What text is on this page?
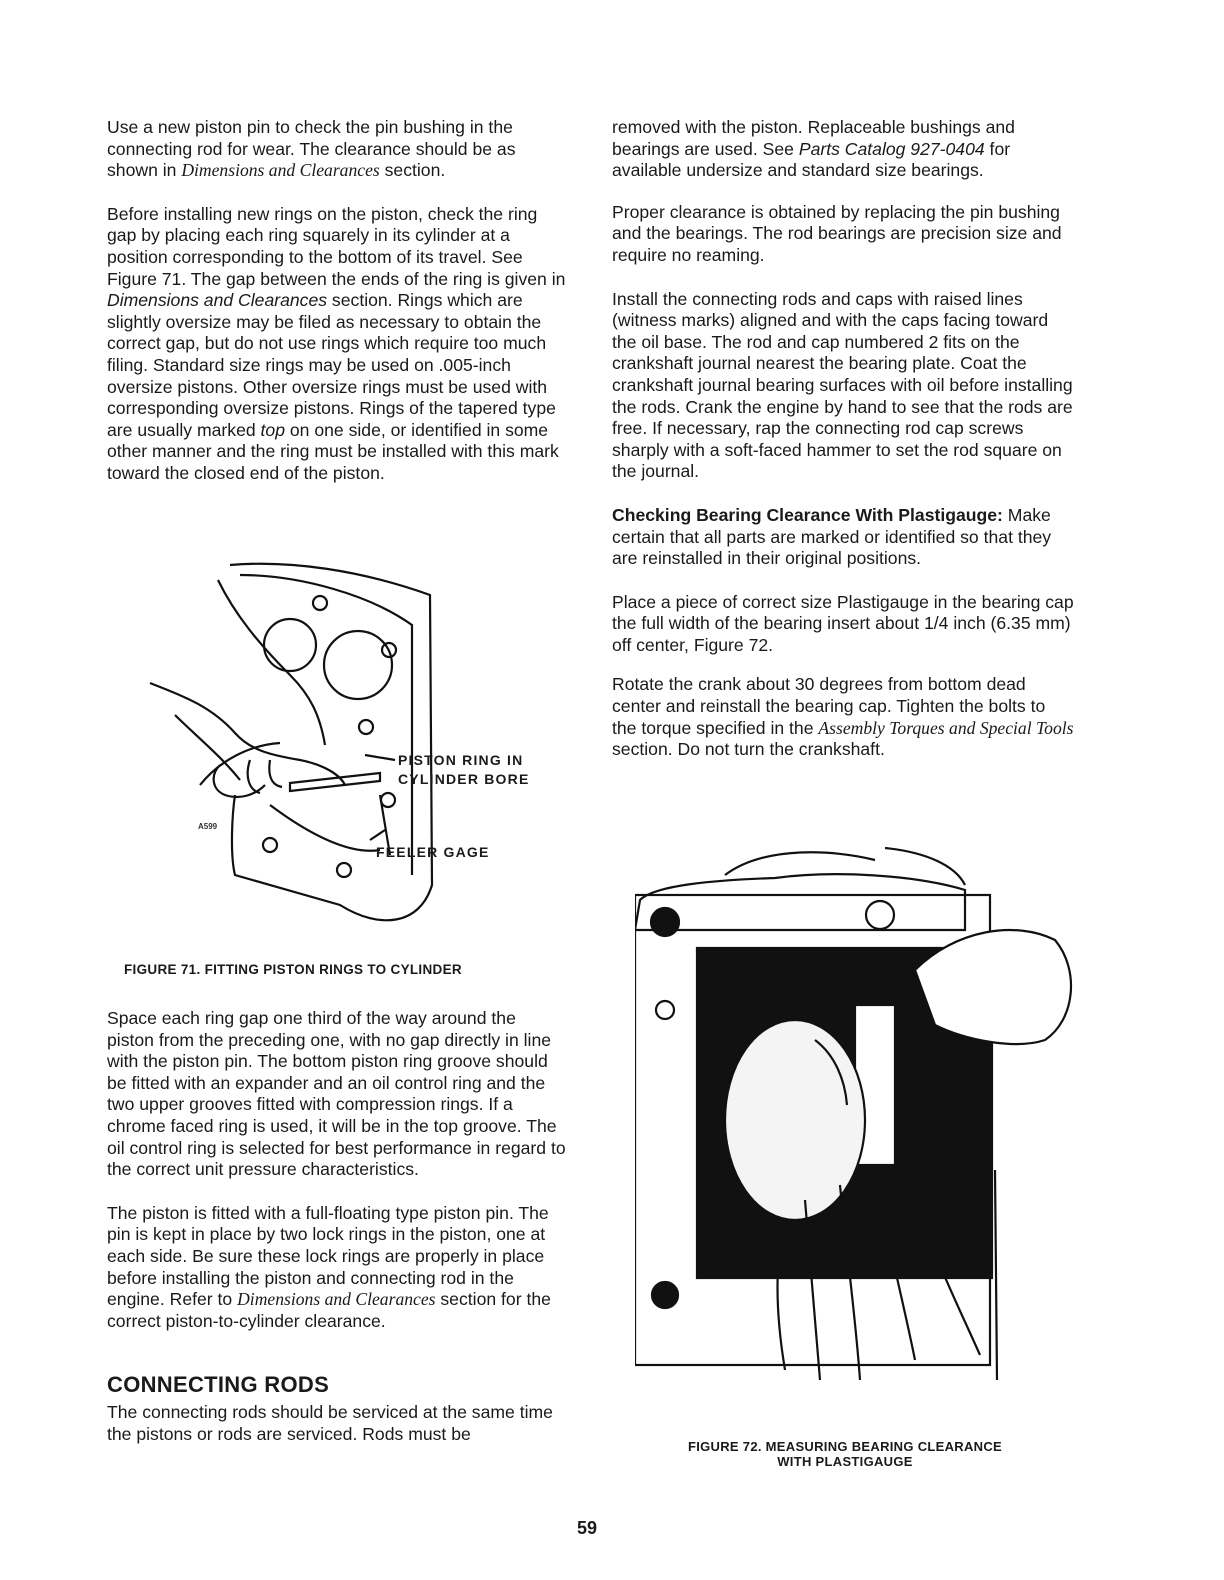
Use a new piston pin to check the pin bushing in the connecting rod for wear. The clearance should be as shown in Dimensions and Clearances section.

Before installing new rings on the piston, check the ring gap by placing each ring squarely in its cylinder at a position corresponding to the bottom of its travel. See Figure 71. The gap between the ends of the ring is given in Dimensions and Clearances section. Rings which are slightly oversize may be filed as necessary to obtain the correct gap, but do not use rings which require too much filing. Standard size rings may be used on .005-inch oversize pistons. Other oversize rings must be used with corresponding oversize pistons. Rings of the tapered type are usually marked top on one side, or identified in some other manner and the ring must be installed with this mark toward the closed end of the piston.

PISTON RING IN
CYLINDER BORE
FEELER GAGE
A599
FIGURE 71. FITTING PISTON RINGS TO CYLINDER

Space each ring gap one third of the way around the piston from the preceding one, with no gap directly in line with the piston pin. The bottom piston ring groove should be fitted with an expander and an oil control ring and the two upper grooves fitted with compression rings. If a chrome faced ring is used, it will be in the top groove. The oil control ring is selected for best performance in regard to the correct unit pressure characteristics.

The piston is fitted with a full-floating type piston pin. The pin is kept in place by two lock rings in the piston, one at each side. Be sure these lock rings are properly in place before installing the piston and connecting rod in the engine. Refer to Dimensions and Clearances section for the correct piston-to-cylinder clearance.

CONNECTING RODS

The connecting rods should be serviced at the same time the pistons or rods are serviced. Rods must be

removed with the piston. Replaceable bushings and bearings are used. See Parts Catalog 927-0404 for available undersize and standard size bearings.

Proper clearance is obtained by replacing the pin bushing and the bearings. The rod bearings are precision size and require no reaming.

Install the connecting rods and caps with raised lines (witness marks) aligned and with the caps facing toward the oil base. The rod and cap numbered 2 fits on the crankshaft journal nearest the bearing plate. Coat the crankshaft journal bearing surfaces with oil before installing the rods. Crank the engine by hand to see that the rods are free. If necessary, rap the connecting rod cap screws sharply with a soft-faced hammer to set the rod square on the journal.

Checking Bearing Clearance With Plastigauge: Make certain that all parts are marked or identified so that they are reinstalled in their original positions.

Place a piece of correct size Plastigauge in the bearing cap the full width of the bearing insert about 1/4 inch (6.35 mm) off center, Figure 72.

Rotate the crank about 30 degrees from bottom dead center and reinstall the bearing cap. Tighten the bolts to the torque specified in the Assembly Torques and Special Tools section. Do not turn the crankshaft.

FIGURE 72. MEASURING BEARING CLEARANCE
WITH PLASTIGAUGE
59
